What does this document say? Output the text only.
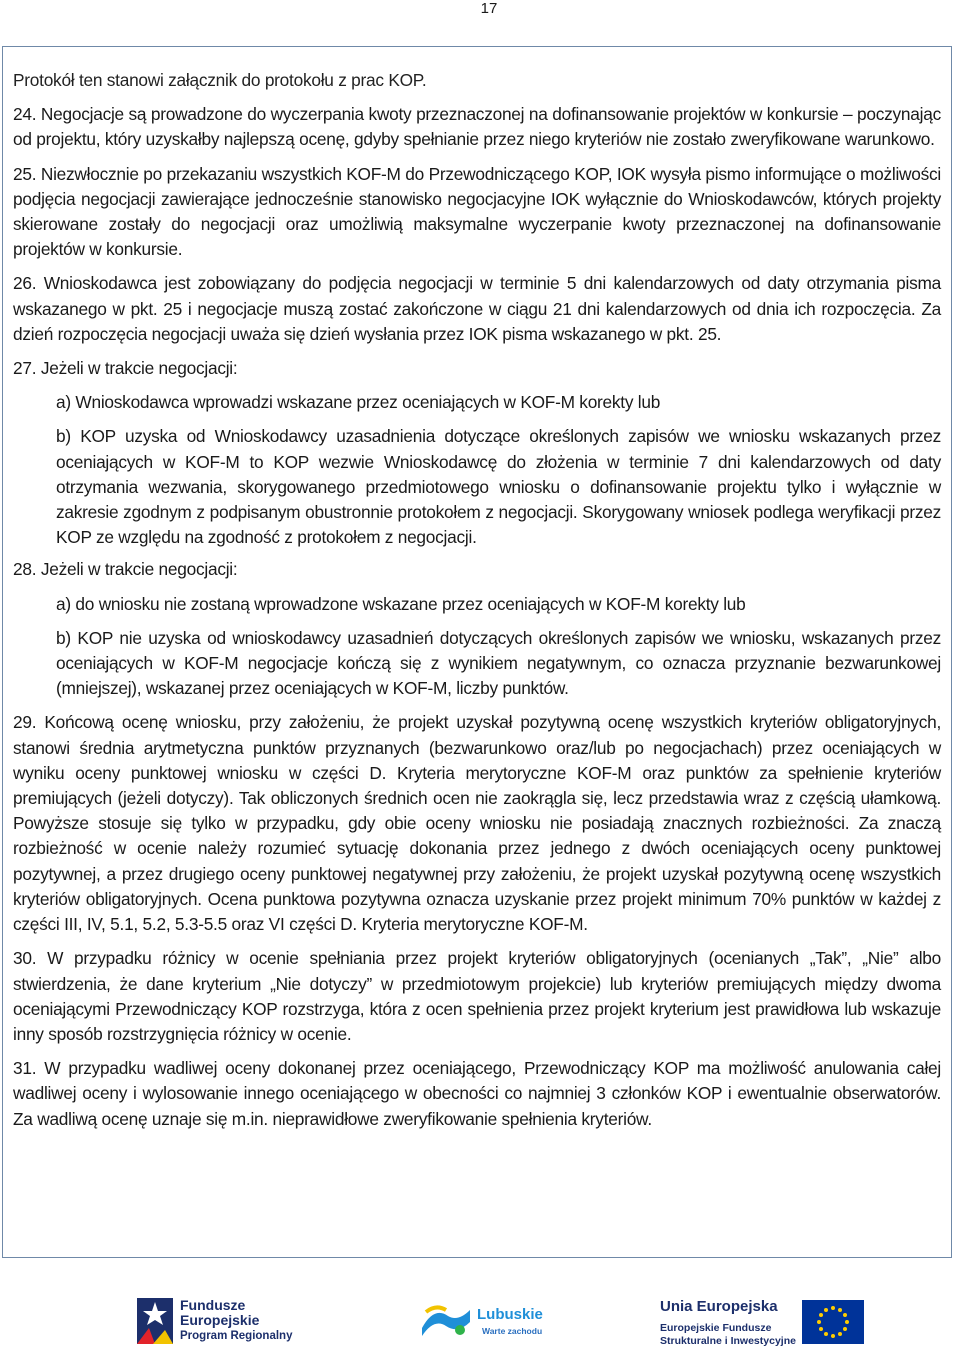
17

Protokół ten stanowi załącznik do protokołu z prac KOP.

24. Negocjacje są prowadzone do wyczerpania kwoty przeznaczonej na dofinansowanie projektów w konkursie – poczynając od projektu, który uzyskałby najlepszą ocenę, gdyby spełnianie przez niego kryteriów nie zostało zweryfikowane warunkowo.

25. Niezwłocznie po przekazaniu wszystkich KOF-M do Przewodniczącego KOP, IOK wysyła pismo informujące o możliwości podjęcia negocjacji zawierające jednocześnie stanowisko negocjacyjne IOK wyłącznie do Wnioskodawców, których projekty skierowane zostały do negocjacji oraz umożliwią maksymalne wyczerpanie kwoty przeznaczonej na dofinansowanie projektów w konkursie.

26. Wnioskodawca jest zobowiązany do podjęcia negocjacji w terminie 5 dni kalendarzowych od daty otrzymania pisma wskazanego w pkt. 25 i negocjacje muszą zostać zakończone w ciągu 21 dni kalendarzowych od dnia ich rozpoczęcia. Za dzień rozpoczęcia negocjacji uważa się dzień wysłania przez IOK pisma wskazanego w pkt. 25.

27. Jeżeli w trakcie negocjacji:

a) Wnioskodawca wprowadzi wskazane przez oceniających w KOF-M korekty lub

b) KOP uzyska od Wnioskodawcy uzasadnienia dotyczące określonych zapisów we wniosku wskazanych przez oceniających w KOF-M to KOP wezwie Wnioskodawcę do złożenia w terminie 7 dni kalendarzowych od daty otrzymania wezwania, skorygowanego przedmiotowego wniosku o dofinansowanie projektu tylko i wyłącznie w zakresie zgodnym z podpisanym obustronnie protokołem z negocjacji. Skorygowany wniosek podlega weryfikacji przez KOP ze względu na zgodność z protokołem z negocjacji.

28. Jeżeli w trakcie negocjacji:

a) do wniosku nie zostaną wprowadzone wskazane przez oceniających w KOF-M korekty lub

b) KOP nie uzyska od wnioskodawcy uzasadnień dotyczących określonych zapisów we wniosku, wskazanych przez oceniających w KOF-M negocjacje kończą się z wynikiem negatywnym, co oznacza przyznanie bezwarunkowej (mniejszej), wskazanej przez oceniających w KOF-M, liczby punktów.

29. Końcową ocenę wniosku, przy założeniu, że projekt uzyskał pozytywną ocenę wszystkich kryteriów obligatoryjnych, stanowi średnia arytmetyczna punktów przyznanych (bezwarunkowo oraz/lub po negocjachach) przez oceniających w wyniku oceny punktowej wniosku w części D. Kryteria merytoryczne KOF-M oraz punktów za spełnienie kryteriów premiujących (jeżeli dotyczy). Tak obliczonych średnich ocen nie zaokrągla się, lecz przedstawia wraz z częścią ułamkową. Powyższe stosuje się tylko w przypadku, gdy obie oceny wniosku nie posiadają znacznych rozbieżności. Za znaczą rozbieżność w ocenie należy rozumieć sytuację dokonania przez jednego z dwóch oceniających oceny punktowej pozytywnej, a przez drugiego oceny punktowej negatywnej przy założeniu, że projekt uzyskał pozytywną ocenę wszystkich kryteriów obligatoryjnych. Ocena punktowa pozytywna oznacza uzyskanie przez projekt minimum 70% punktów w każdej z części III, IV, 5.1, 5.2, 5.3-5.5 oraz VI części D. Kryteria merytoryczne KOF-M.

30. W przypadku różnicy w ocenie spełniania przez projekt kryteriów obligatoryjnych (ocenianych „Tak”, „Nie” albo stwierdzenia, że dane kryterium „Nie dotyczy” w przedmiotowym projekcie) lub kryteriów premiujących między dwoma oceniającymi Przewodniczący KOP rozstrzyga, która z ocen spełnienia przez projekt kryterium jest prawidłowa lub wskazuje inny sposób rozstrzygnięcia różnicy w ocenie.

31. W przypadku wadliwej oceny dokonanej przez oceniającego, Przewodniczący KOP ma możliwość anulowania całej wadliwej oceny i wylosowanie innego oceniającego w obecności co najmniej 3 członków KOP i ewentualnie obserwatorów. Za wadliwą ocenę uznaje się m.in. nieprawidłowe zweryfikowanie spełnienia kryteriów.

Fundusze
Europejskie
Program Regionalny
Lubuskie
Warte zachodu
Unia Europejska
Europejskie Fundusze
Strukturalne i Inwestycyjne
